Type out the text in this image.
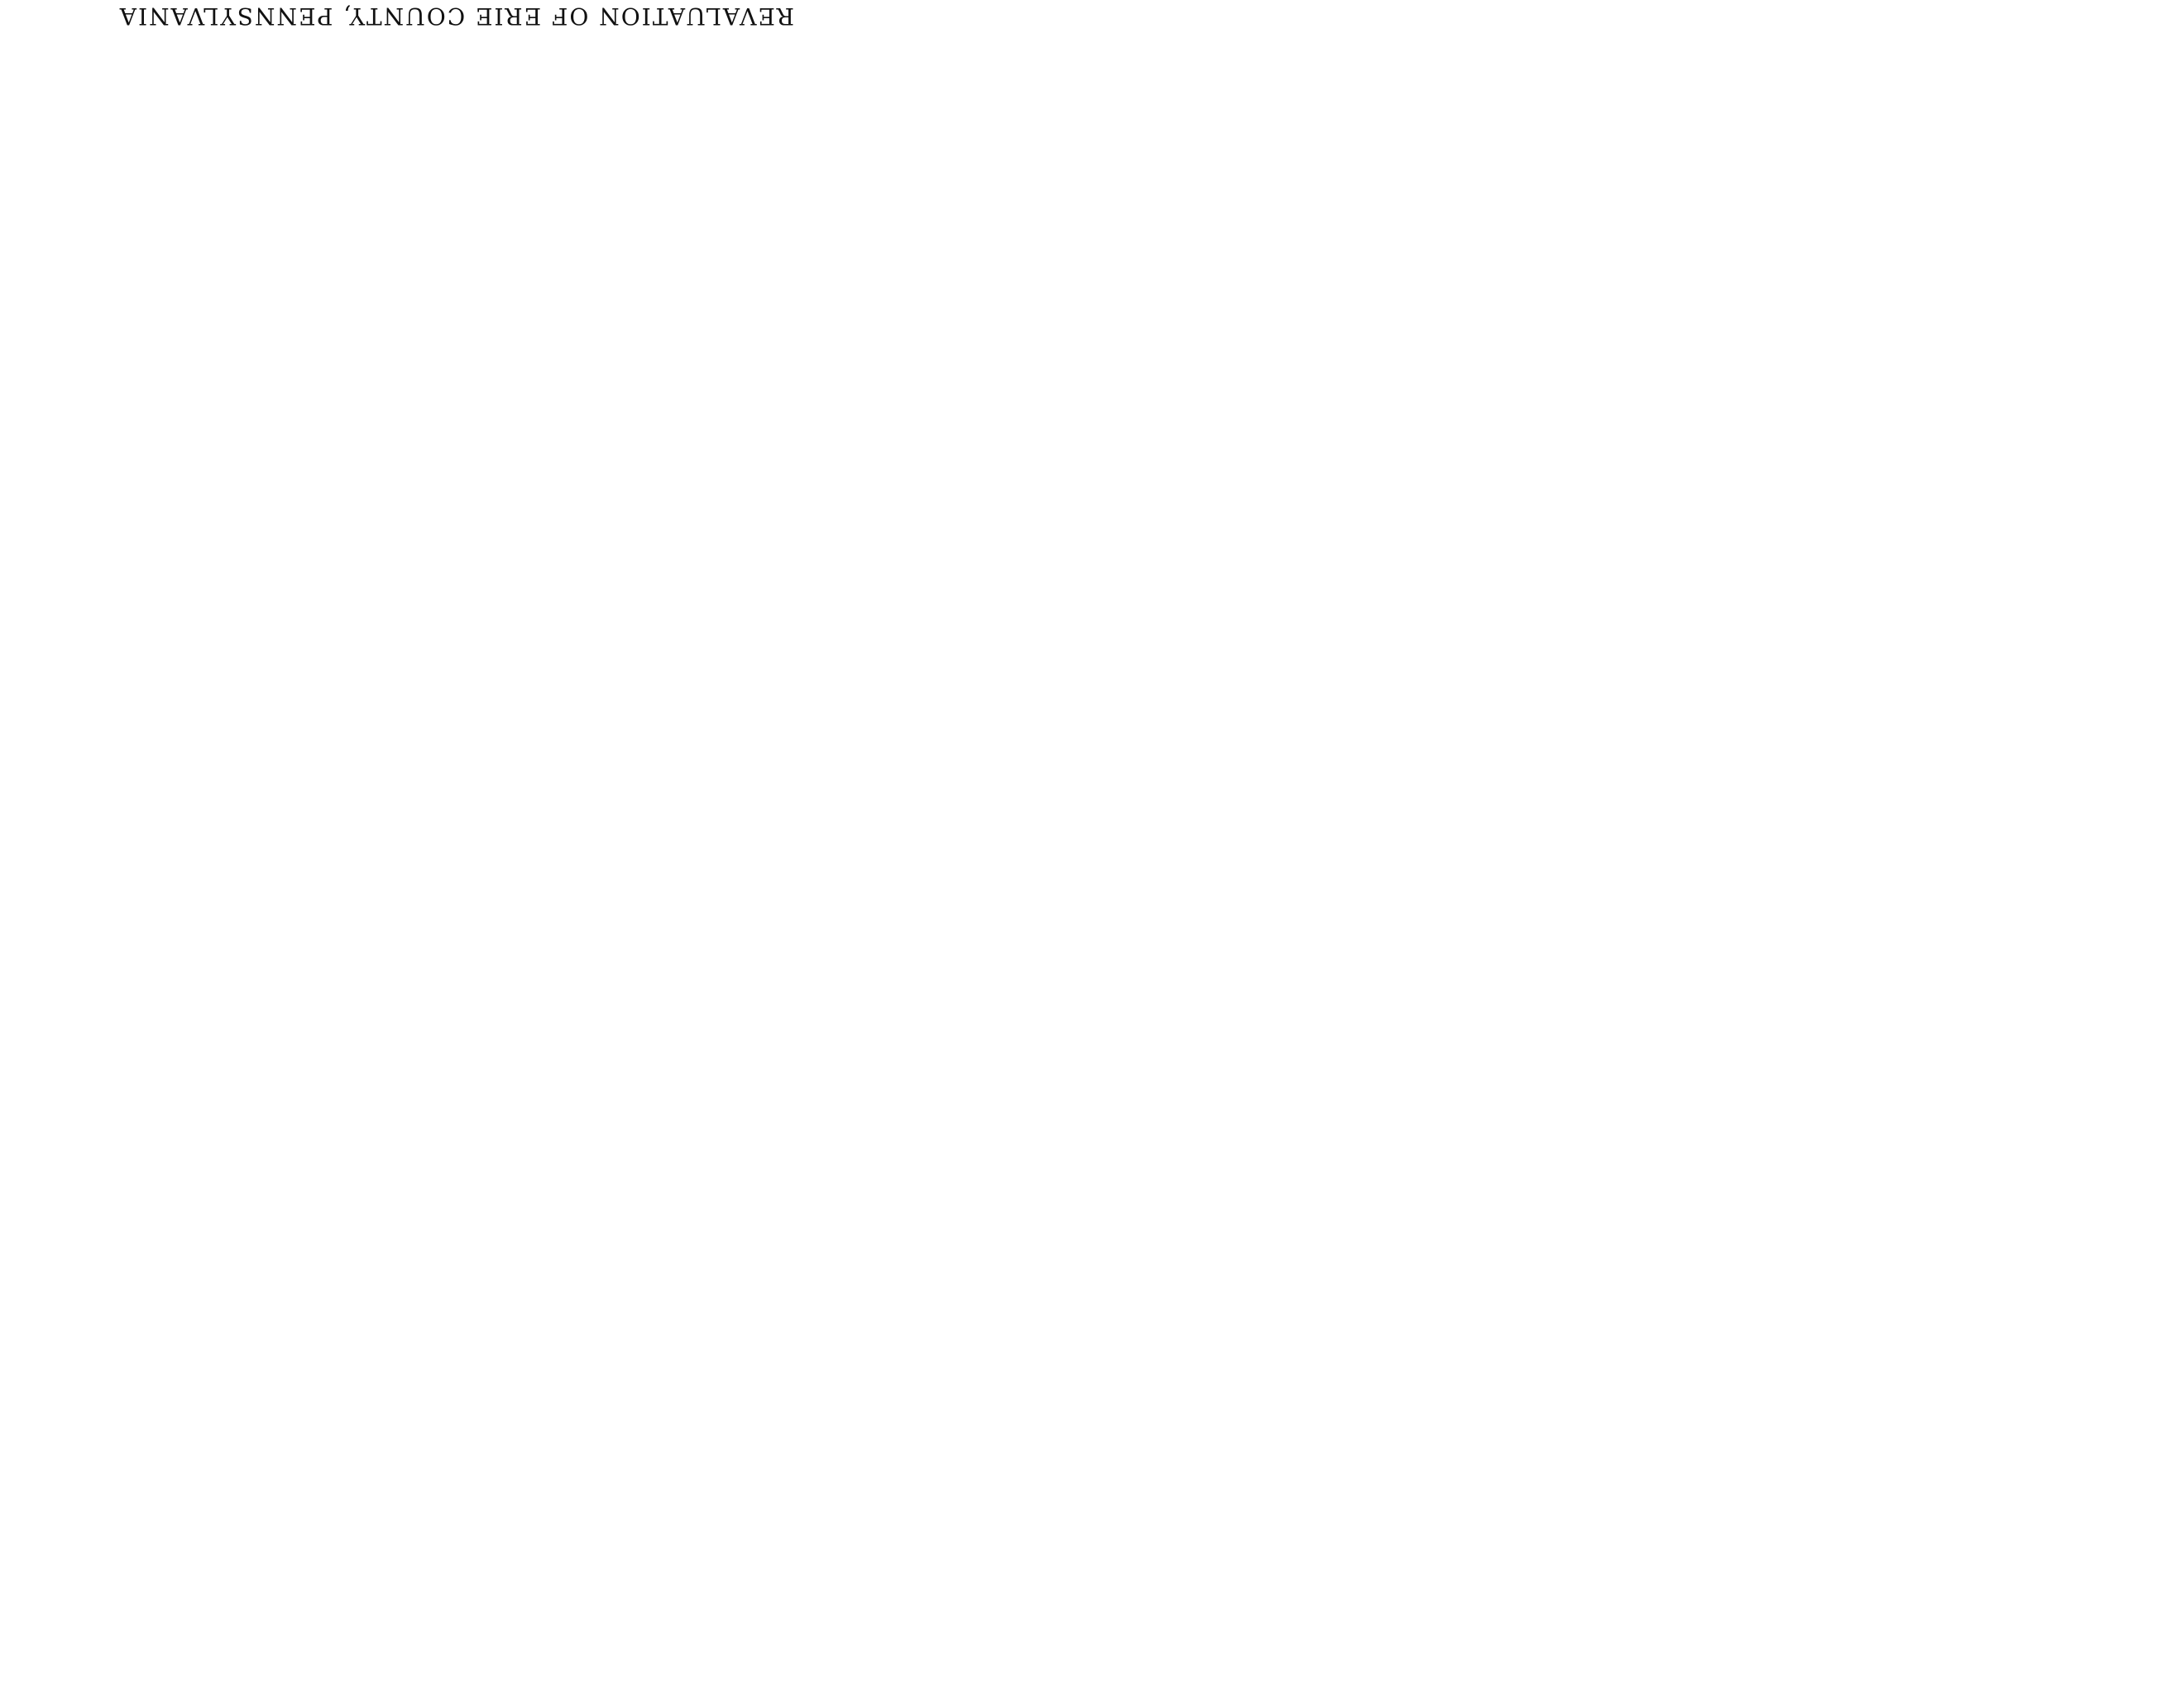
REVALUATION OF ERIE COUNTY, PENNSYLVANIA
